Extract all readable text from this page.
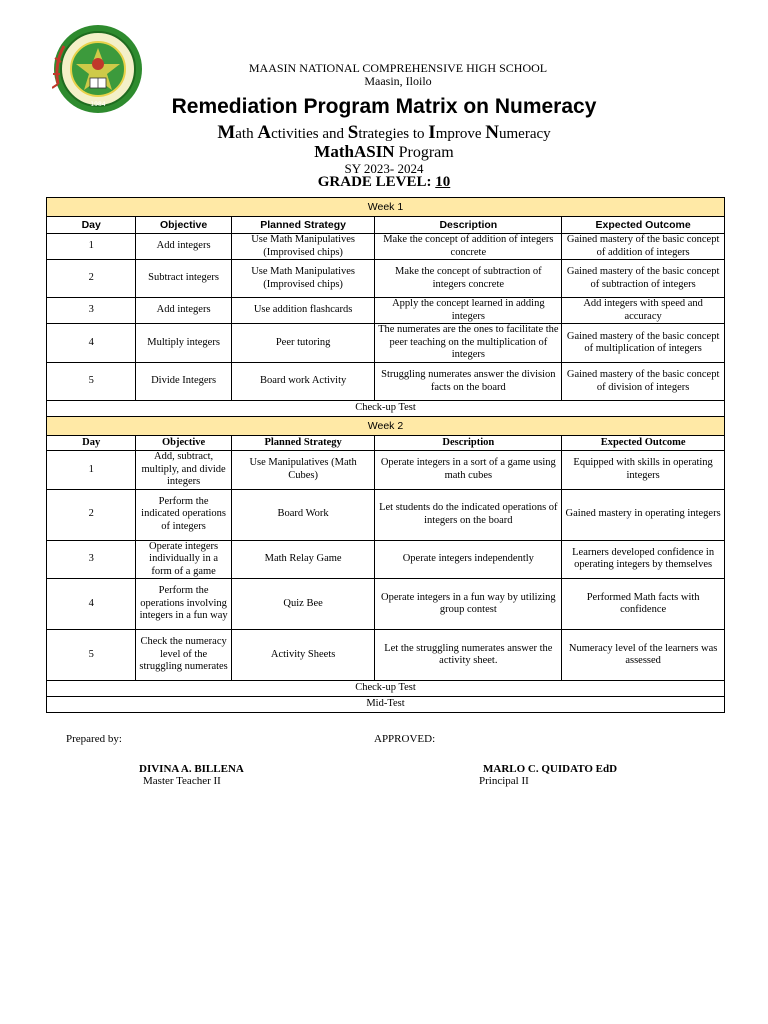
1984
MAASIN NATIONAL COMPREHENSIVE HIGH SCHOOL
Maasin, Iloilo
Remediation Program Matrix on Numeracy
Math Activities and Strategies to Improve Numeracy
MathASIN Program
SY 2023- 2024
GRADE LEVEL: 10
Week 1				
Day	Objective	Planned Strategy	Description	Expected Outcome
1	Add integers	Use Math Manipulatives (Improvised chips)	Make the concept of addition of integers concrete	Gained mastery of the basic concept of addition of integers
2	Subtract integers	Use Math Manipulatives (Improvised chips)	Make the concept of subtraction of integers concrete	Gained mastery of the basic concept of subtraction of integers
3	Add integers	Use addition flashcards	Apply the concept learned in adding integers	Add integers with speed and accuracy
4	Multiply integers	Peer tutoring	The numerates are the ones to facilitate the peer teaching on the multiplication of integers	Gained mastery of the basic concept of multiplication of integers
5	Divide Integers	Board work Activity	Struggling numerates answer the division facts on the board	Gained mastery of the basic concept of division of integers
Check-up Test				
Week 2				
Day	Objective	Planned Strategy	Description	Expected Outcome
1	Add, subtract, multiply, and divide integers	Use Manipulatives (Math Cubes)	Operate integers in a sort of a game using math cubes	Equipped with skills in operating integers
2	Perform the indicated operations of integers	Board Work	Let students do the indicated operations of integers on the board	Gained mastery in operating integers
3	Operate integers individually in a form of a game	Math Relay Game	Operate integers independently	Learners developed confidence in operating integers by themselves
4	Perform the operations involving integers in a fun way	Quiz Bee	Operate integers in a fun way by utilizing group contest	Performed Math facts with confidence
5	Check the numeracy level of the struggling numerates	Activity Sheets	Let the struggling numerates answer the activity sheet.	Numeracy level of the learners was assessed
Check-up Test				
Mid-Test				
Prepared by:	APPROVED:
DIVINA A. BILLENA
Master Teacher II
MARLO C. QUIDATO EdD
Principal II
